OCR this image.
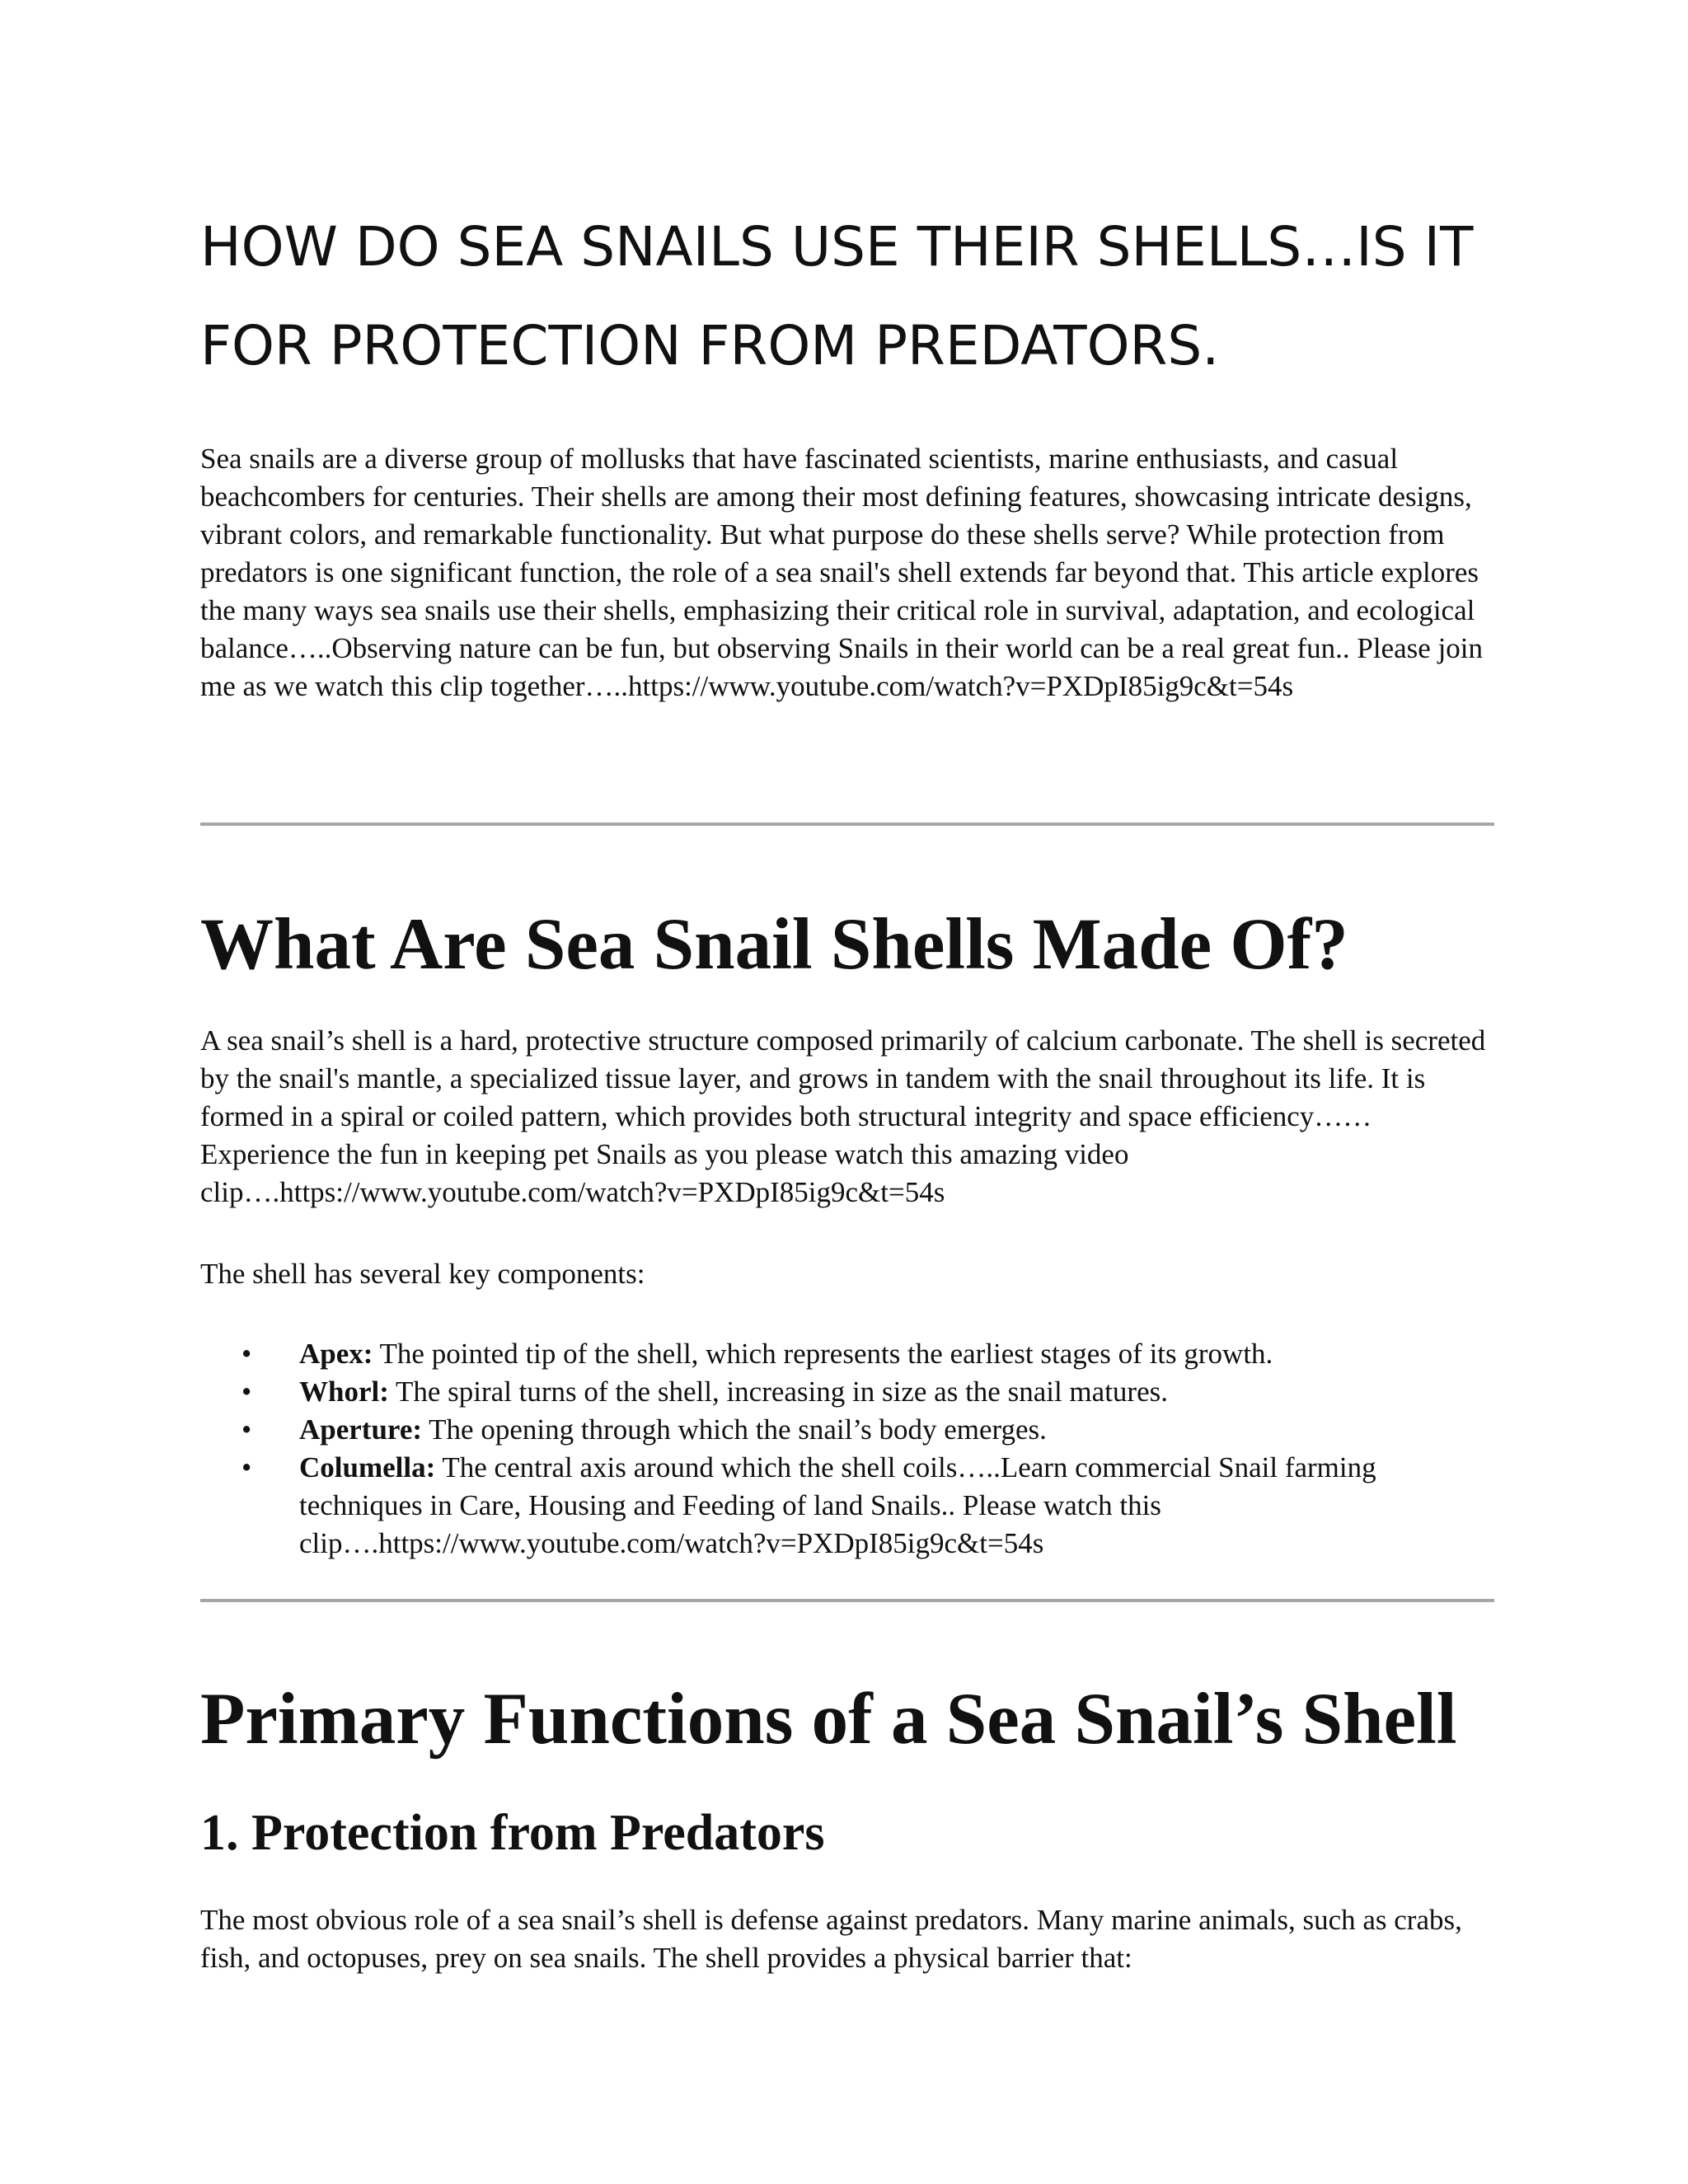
HOW DO SEA SNAILS USE THEIR SHELLS…IS IT FOR PROTECTION FROM PREDATORS.

Sea snails are a diverse group of mollusks that have fascinated scientists, marine enthusiasts, and casual beachcombers for centuries. Their shells are among their most defining features, showcasing intricate designs, vibrant colors, and remarkable functionality. But what purpose do these shells serve? While protection from predators is one significant function, the role of a sea snail's shell extends far beyond that. This article explores the many ways sea snails use their shells, emphasizing their critical role in survival, adaptation, and ecological balance…..Observing nature can be fun, but observing Snails in their world can be a real great fun.. Please join me as we watch this clip together…..https://www.youtube.com/watch?v=PXDpI85ig9c&t=54s

What Are Sea Snail Shells Made Of?

A sea snail’s shell is a hard, protective structure composed primarily of calcium carbonate. The shell is secreted by the snail's mantle, a specialized tissue layer, and grows in tandem with the snail throughout its life. It is formed in a spiral or coiled pattern, which provides both structural integrity and space efficiency……Experience the fun in keeping pet Snails as you please watch this amazing video clip….https://www.youtube.com/watch?v=PXDpI85ig9c&t=54s

The shell has several key components:

• Apex: The pointed tip of the shell, which represents the earliest stages of its growth.
• Whorl: The spiral turns of the shell, increasing in size as the snail matures.
• Aperture: The opening through which the snail’s body emerges.
• Columella: The central axis around which the shell coils…..Learn commercial Snail farming techniques in Care, Housing and Feeding of land Snails.. Please watch this clip….https://www.youtube.com/watch?v=PXDpI85ig9c&t=54s
Primary Functions of a Sea Snail’s Shell
1. Protection from Predators

The most obvious role of a sea snail’s shell is defense against predators. Many marine animals, such as crabs, fish, and octopuses, prey on sea snails. The shell provides a physical barrier that:
